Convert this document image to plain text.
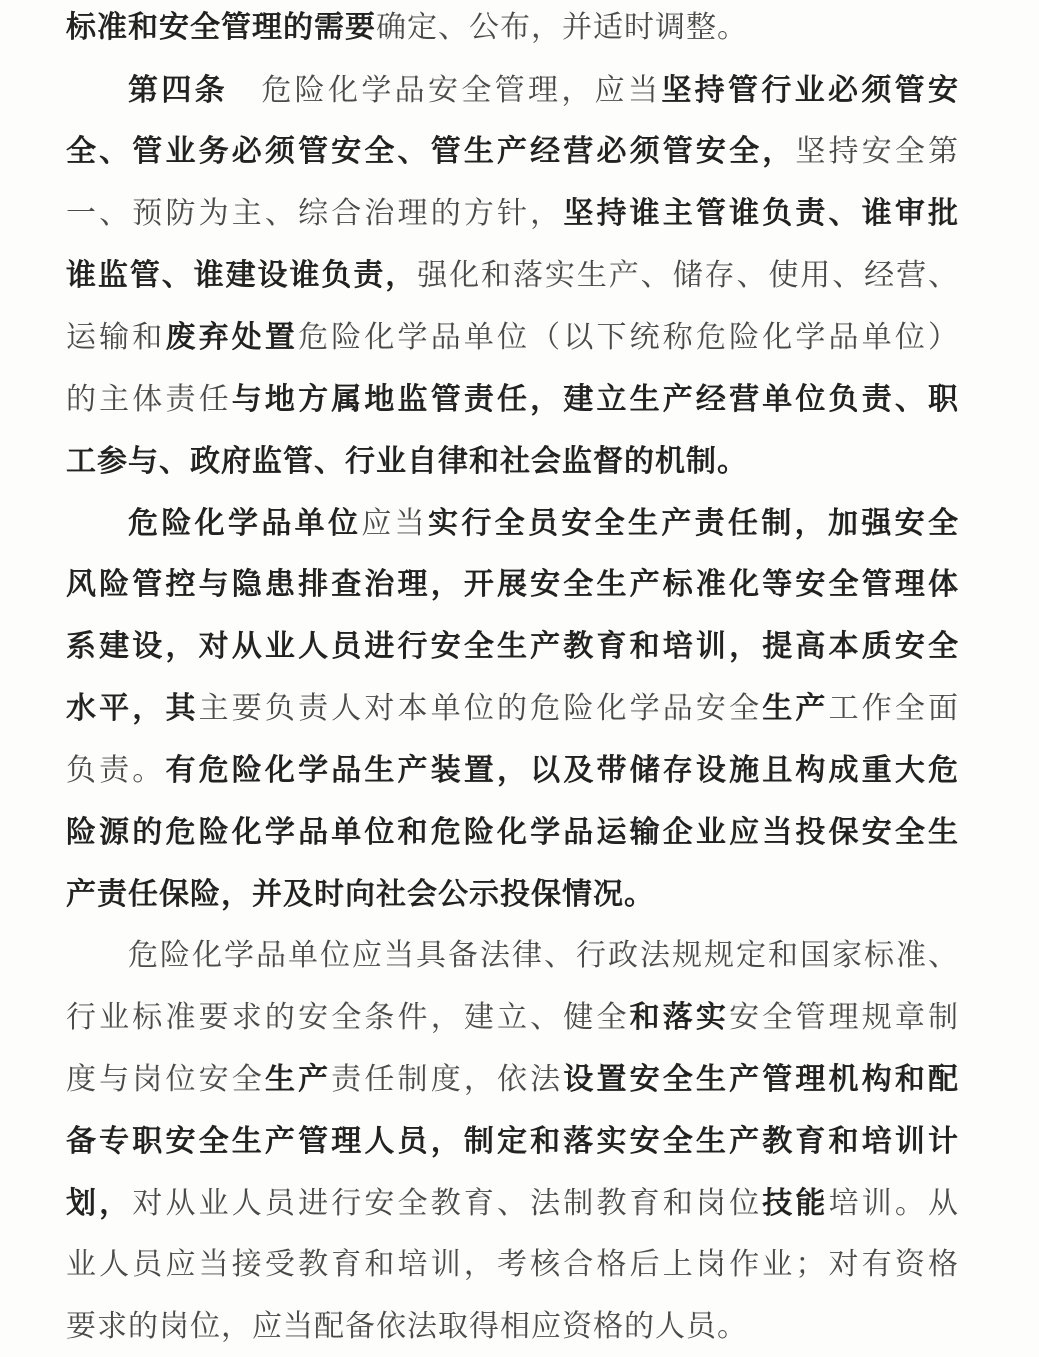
标准和安全管理的需要确定、公布，并适时调整。
第四条　危险化学品安全管理，应当坚持管行业必须管安
全、管业务必须管安全、管生产经营必须管安全，坚持安全第
一、预防为主、综合治理的方针，坚持谁主管谁负责、谁审批
谁监管、谁建设谁负责，强化和落实生产、储存、使用、经营、
运输和废弃处置危险化学品单位（以下统称危险化学品单位）
的主体责任与地方属地监管责任，建立生产经营单位负责、职
工参与、政府监管、行业自律和社会监督的机制。
危险化学品单位应当实行全员安全生产责任制，加强安全
风险管控与隐患排查治理，开展安全生产标准化等安全管理体
系建设，对从业人员进行安全生产教育和培训，提高本质安全
水平，其主要负责人对本单位的危险化学品安全生产工作全面
负责。有危险化学品生产装置，以及带储存设施且构成重大危
险源的危险化学品单位和危险化学品运输企业应当投保安全生
产责任保险，并及时向社会公示投保情况。
危险化学品单位应当具备法律、行政法规规定和国家标准、
行业标准要求的安全条件，建立、健全和落实安全管理规章制
度与岗位安全生产责任制度，依法设置安全生产管理机构和配
备专职安全生产管理人员，制定和落实安全生产教育和培训计
划，对从业人员进行安全教育、法制教育和岗位技能培训。从
业人员应当接受教育和培训，考核合格后上岗作业；对有资格
要求的岗位，应当配备依法取得相应资格的人员。
